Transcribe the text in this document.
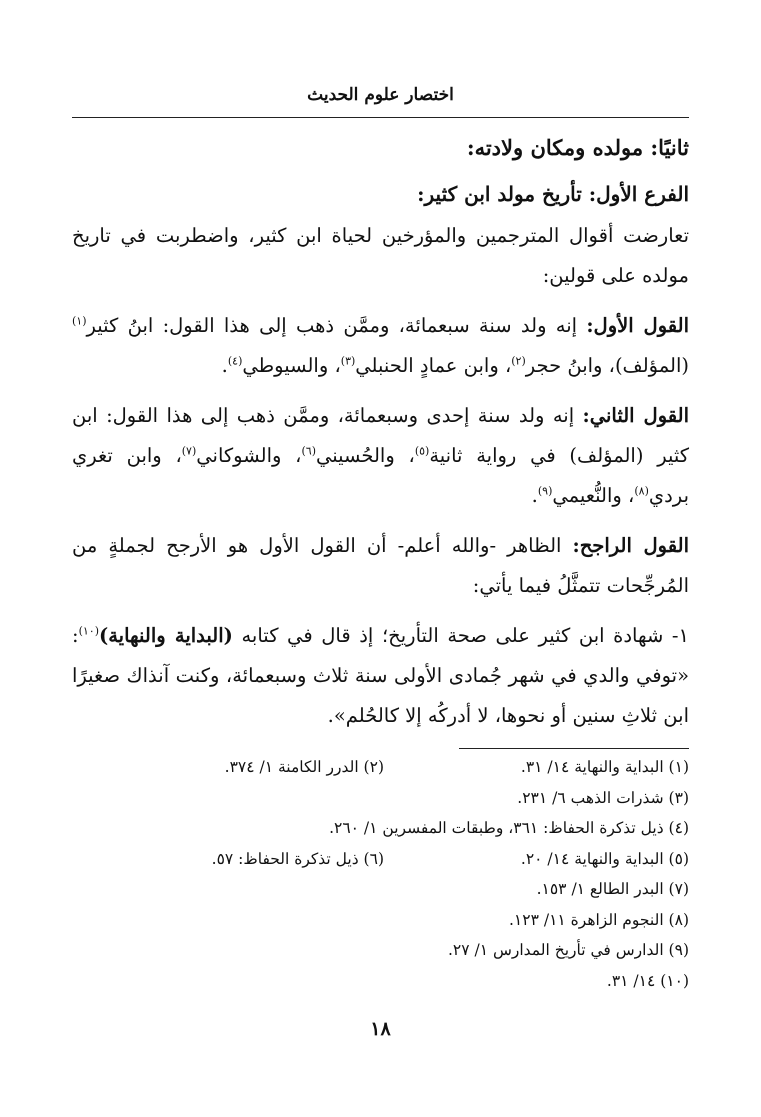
اختصار علوم الحديث

ثانيًا: مولده ومكان ولادته:

الفرع الأول: تأريخ مولد ابن كثير:

تعارضت أقوال المترجمين والمؤرخين لحياة ابن كثير، واضطربت في تاريخ مولده على قولين:

القول الأول: إنه ولد سنة سبعمائة، وممَّن ذهب إلى هذا القول: ابنُ كثير$^{(١)}$ (المؤلف)، وابنُ حجر$^{(٢)}$، وابن عمادٍ الحنبلي$^{(٣)}$، والسيوطي$^{(٤)}$.

القول الثاني: إنه ولد سنة إحدى وسبعمائة، وممَّن ذهب إلى هذا القول: ابن كثير (المؤلف) في رواية ثانية$^{(٥)}$، والحُسيني$^{(٦)}$، والشوكاني$^{(٧)}$، وابن تغري بردي$^{(٨)}$، والنُّعيمي$^{(٩)}$.

القول الراجح: الظاهر -والله أعلم- أن القول الأول هو الأرجح لجملةٍ من المُرجِّحات تتمثَّلُ فيما يأتي:

١- شهادة ابن كثير على صحة التأريخ؛ إذ قال في كتابه (البداية والنهاية)$^{(١٠)}$: «توفي والدي في شهر جُمادى الأولى سنة ثلاث وسبعمائة، وكنت آنذاك صغيرًا ابن ثلاثِ سنين أو نحوها، لا أدركُه إلا كالحُلم».

(١) البداية والنهاية ١٤/ ٣١.
(٢) الدرر الكامنة ١/ ٣٧٤.
(٣) شذرات الذهب ٦/ ٢٣١.
(٤) ذيل تذكرة الحفاظ: ٣٦١، وطبقات المفسرين ١/ ٢٦٠.
(٥) البداية والنهاية ١٤/ ٢٠.
(٦) ذيل تذكرة الحفاظ: ٥٧.
(٧) البدر الطالع ١/ ١٥٣.
(٨) النجوم الزاهرة ١١/ ١٢٣.
(٩) الدارس في تأريخ المدارس ١/ ٢٧.
(١٠) ١٤/ ٣١.
١٨
